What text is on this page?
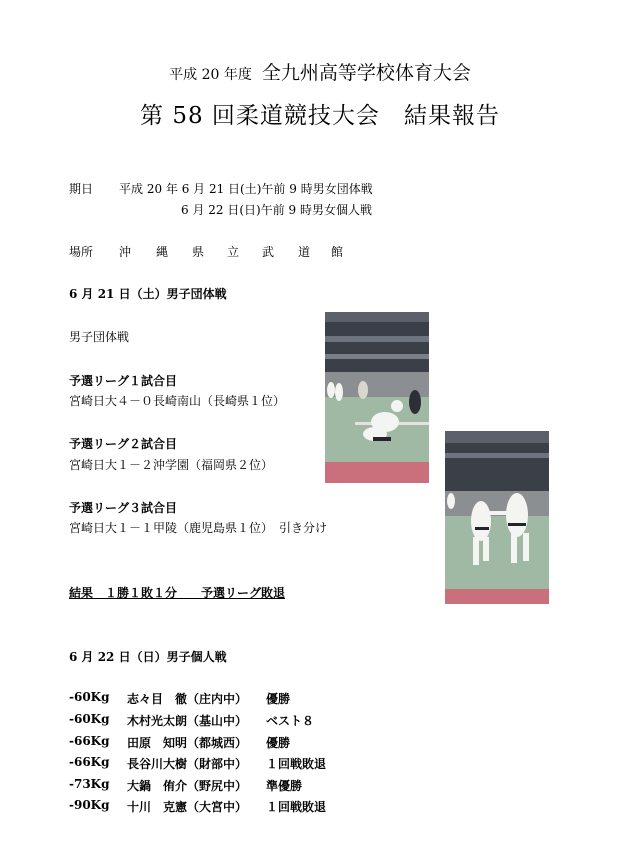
平成 20 年度 全九州高等学校体育大会
第 58 回柔道競技大会 結果報告
期日 平成 20 年 6 月 21 日(土)午前 9 時男女団体戦
6 月 22 日(日)午前 9 時男女個人戦
場所 沖 縄 県 立 武 道 館
6 月 21 日（土）男子団体戦
男子団体戦
予選リーグ１試合目
宮崎日大４－０長崎南山（長崎県１位）
予選リーグ２試合目
宮崎日大１－２沖学園（福岡県２位）
予選リーグ３試合目
宮崎日大１－１甲陵（鹿児島県１位）　引き分け
結果　１勝１敗１分　　予選リーグ敗退
6 月 22 日（日）男子個人戦
-60Kg 志々目　徹（庄内中） 優勝
-60Kg 木村光太朗（基山中） ベスト８
-66Kg 田原　知明（都城西） 優勝
-66Kg 長谷川大樹（財部中） １回戦敗退
-73Kg 大鍋　侑介（野尻中） 準優勝
-90Kg 十川　克憲（大宮中） １回戦敗退
